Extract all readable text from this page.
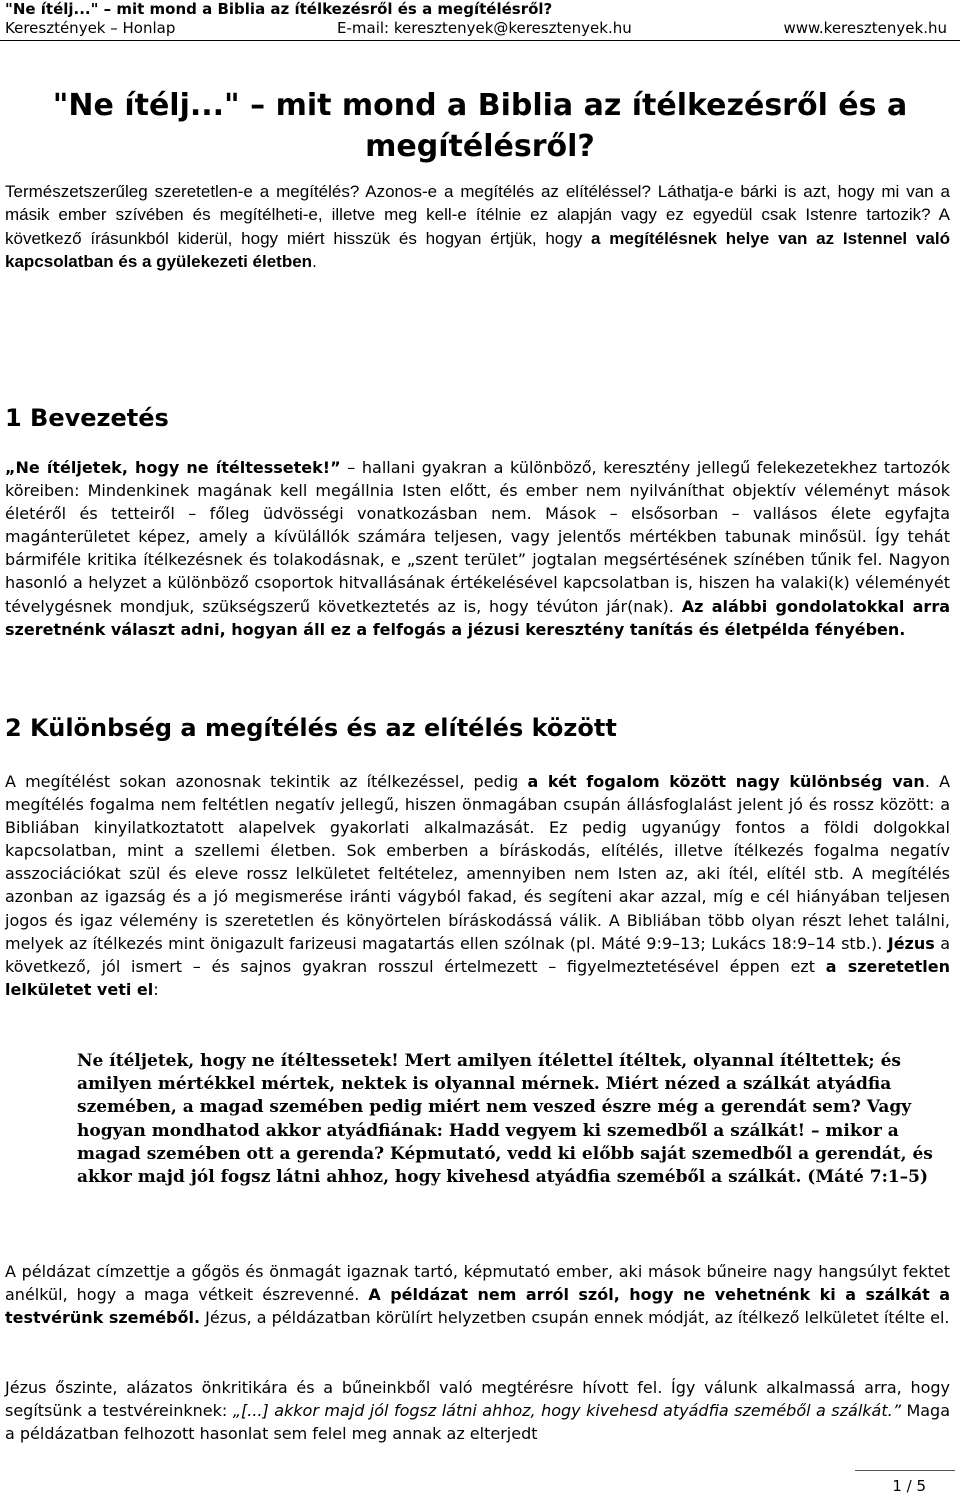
"Ne ítélj..." – mit mond a Biblia az ítélkezésről és a megítélésről?
Keresztények – Honlap	E-mail: keresztenyek@keresztenyek.hu	www.keresztenyek.hu
"Ne ítélj..." – mit mond a Biblia az ítélkezésről és a megítélésről?

Természetszerűleg szeretetlen-e a megítélés? Azonos-e a megítélés az elítéléssel? Láthatja-e bárki is azt, hogy mi van a másik ember szívében és megítélheti-e, illetve meg kell-e ítélnie ez alapján vagy ez egyedül csak Istenre tartozik? A következő írásunkból kiderül, hogy miért hisszük és hogyan értjük, hogy a megítélésnek helye van az Istennel való kapcsolatban és a gyülekezeti életben.

1 Bevezetés

„Ne ítéljetek, hogy ne ítéltessetek!” – hallani gyakran a különböző, keresztény jellegű felekezetekhez tartozók köreiben: Mindenkinek magának kell megállnia Isten előtt, és ember nem nyilváníthat objektív véleményt mások életéről és tetteiről – főleg üdvösségi vonatkozásban nem. Mások – elsősorban – vallásos élete egyfajta magánterületet képez, amely a kívülállók számára teljesen, vagy jelentős mértékben tabunak minősül. Így tehát bármiféle kritika ítélkezésnek és tolakodásnak, e „szent terület” jogtalan megsértésének színében tűnik fel. Nagyon hasonló a helyzet a különböző csoportok hitvallásának értékelésével kapcsolatban is, hiszen ha valaki(k) véleményét tévelygésnek mondjuk, szükségszerű következtetés az is, hogy tévúton jár(nak). Az alábbi gondolatokkal arra szeretnénk választ adni, hogyan áll ez a felfogás a jézusi keresztény tanítás és életpélda fényében.

2 Különbség a megítélés és az elítélés között

A megítélést sokan azonosnak tekintik az ítélkezéssel, pedig a két fogalom között nagy különbség van. A megítélés fogalma nem feltétlen negatív jellegű, hiszen önmagában csupán állásfoglalást jelent jó és rossz között: a Bibliában kinyilatkoztatott alapelvek gyakorlati alkalmazását. Ez pedig ugyanúgy fontos a földi dolgokkal kapcsolatban, mint a szellemi életben. Sok emberben a bíráskodás, elítélés, illetve ítélkezés fogalma negatív asszociációkat szül és eleve rossz lelkületet feltételez, amennyiben nem Isten az, aki ítél, elítél stb. A megítélés azonban az igazság és a jó megismerése iránti vágyból fakad, és segíteni akar azzal, míg e cél hiányában teljesen jogos és igaz vélemény is szeretetlen és könyörtelen bíráskodássá válik. A Bibliában több olyan részt lehet találni, melyek az ítélkezés mint önigazult farizeusi magatartás ellen szólnak (pl. Máté 9:9–13; Lukács 18:9–14 stb.). Jézus a következő, jól ismert – és sajnos gyakran rosszul értelmezett – figyelmeztetésével éppen ezt a szeretetlen lelkületet veti el:

Ne ítéljetek, hogy ne ítéltessetek! Mert amilyen ítélettel ítéltek, olyannal ítéltettek; és amilyen mértékkel mértek, nektek is olyannal mérnek. Miért nézed a szálkát atyádfia szemében, a magad szemében pedig miért nem veszed észre még a gerendát sem? Vagy hogyan mondhatod akkor atyádfiának: Hadd vegyem ki szemedből a szálkát! – mikor a magad szemében ott a gerenda? Képmutató, vedd ki előbb saját szemedből a gerendát, és akkor majd jól fogsz látni ahhoz, hogy kivehesd atyádfia szeméből a szálkát. (Máté 7:1–5)

A példázat címzettje a gőgös és önmagát igaznak tartó, képmutató ember, aki mások bűneire nagy hangsúlyt fektet anélkül, hogy a maga vétkeit észrevenné. A példázat nem arról szól, hogy ne vehetnénk ki a szálkát a testvérünk szeméből. Jézus, a példázatban körülírt helyzetben csupán ennek módját, az ítélkező lelkületet ítélte el.

Jézus őszinte, alázatos önkritikára és a bűneinkből való megtérésre hívott fel. Így válunk alkalmassá arra, hogy segítsünk a testvéreinknek: „[...] akkor majd jól fogsz látni ahhoz, hogy kivehesd atyádfia szeméből a szálkát.” Maga a példázatban felhozott hasonlat sem felel meg annak az elterjedt

1 / 5
